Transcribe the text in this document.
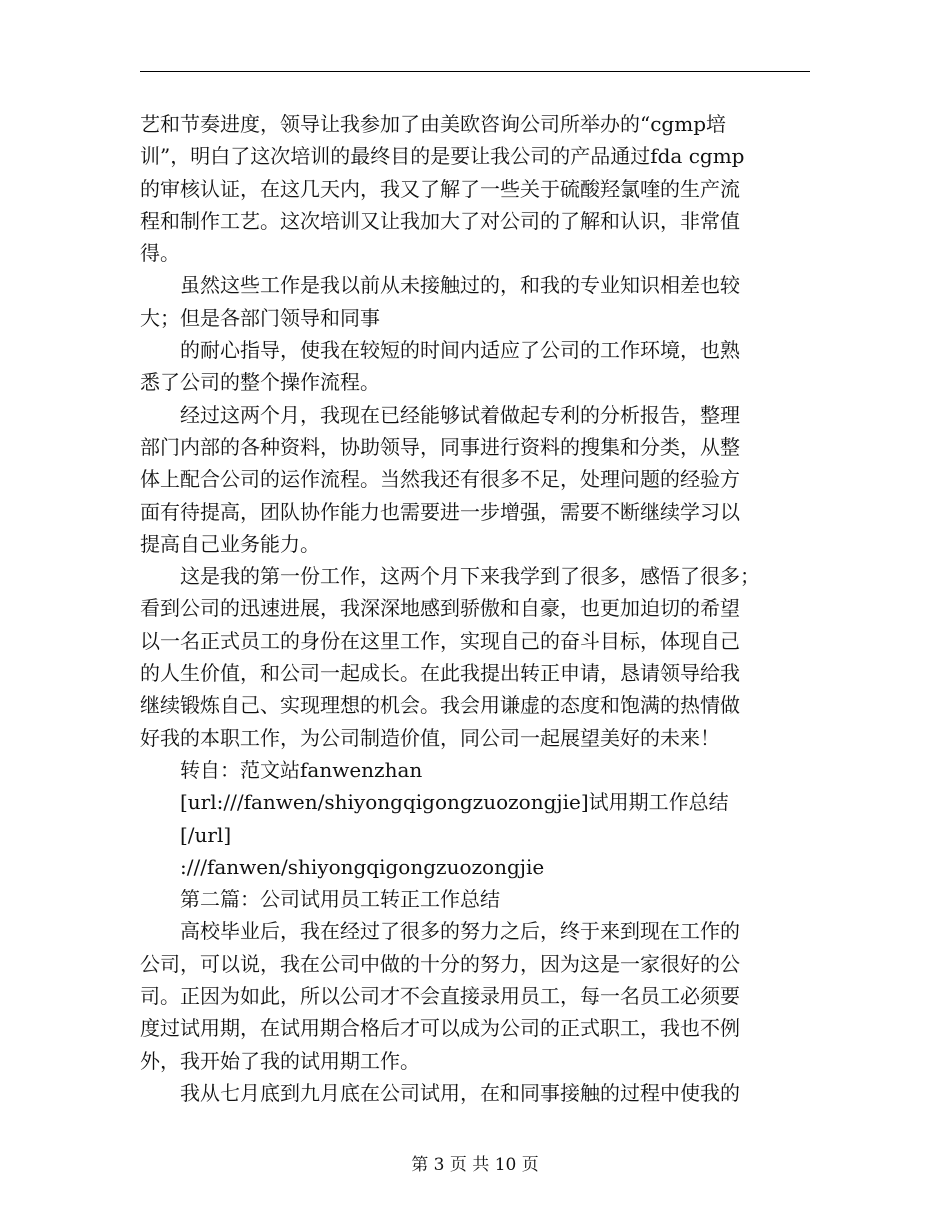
艺和节奏进度，领导让我参加了由美欧咨询公司所举办的“cgmp培

训”，明白了这次培训的最终目的是要让我公司的产品通过fda cgmp

的审核认证，在这几天内，我又了解了一些关于硫酸羟氯喹的生产流

程和制作工艺。这次培训又让我加大了对公司的了解和认识，非常值

得。

虽然这些工作是我以前从未接触过的，和我的专业知识相差也较

大；但是各部门领导和同事

的耐心指导，使我在较短的时间内适应了公司的工作环境，也熟

悉了公司的整个操作流程。

经过这两个月，我现在已经能够试着做起专利的分析报告，整理

部门内部的各种资料，协助领导，同事进行资料的搜集和分类，从整

体上配合公司的运作流程。当然我还有很多不足，处理问题的经验方

面有待提高，团队协作能力也需要进一步增强，需要不断继续学习以

提高自己业务能力。

这是我的第一份工作，这两个月下来我学到了很多，感悟了很多；

看到公司的迅速进展，我深深地感到骄傲和自豪，也更加迫切的希望

以一名正式员工的身份在这里工作，实现自己的奋斗目标，体现自己

的人生价值，和公司一起成长。在此我提出转正申请，恳请领导给我

继续锻炼自己、实现理想的机会。我会用谦虚的态度和饱满的热情做

好我的本职工作，为公司制造价值，同公司一起展望美好的未来！

转自：范文站fanwenzhan

[url:///fanwen/shiyongqigongzuozongjie]试用期工作总结

[/url]

:///fanwen/shiyongqigongzuozongjie

第二篇：公司试用员工转正工作总结

高校毕业后，我在经过了很多的努力之后，终于来到现在工作的

公司，可以说，我在公司中做的十分的努力，因为这是一家很好的公

司。正因为如此，所以公司才不会直接录用员工，每一名员工必须要

度过试用期，在试用期合格后才可以成为公司的正式职工，我也不例

外，我开始了我的试用期工作。

我从七月底到九月底在公司试用，在和同事接触的过程中使我的

第 3 页 共 10 页
